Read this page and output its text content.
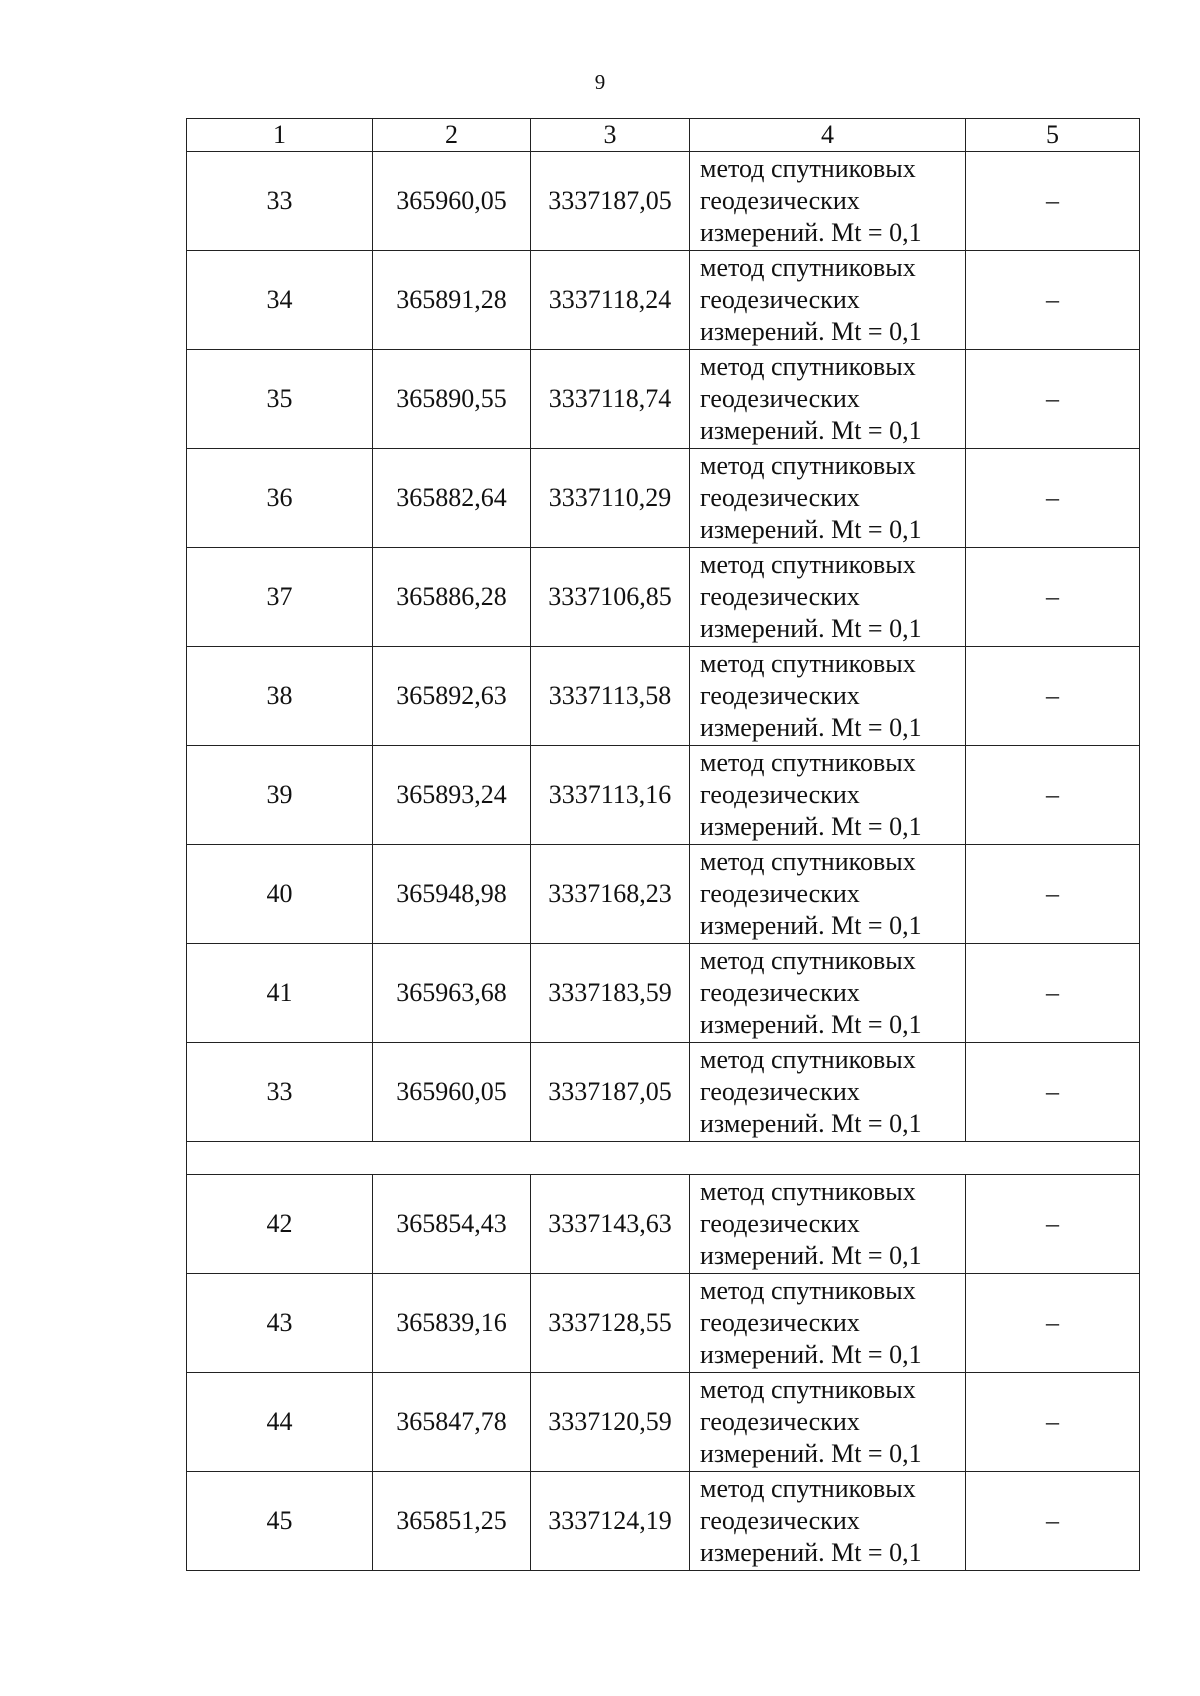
9
1	2	3	4	5
33	365960,05	3337187,05	метод спутниковых
геодезических
измерений. Mt = 0,1	–
34	365891,28	3337118,24	метод спутниковых
геодезических
измерений. Mt = 0,1	–
35	365890,55	3337118,74	метод спутниковых
геодезических
измерений. Mt = 0,1	–
36	365882,64	3337110,29	метод спутниковых
геодезических
измерений. Mt = 0,1	–
37	365886,28	3337106,85	метод спутниковых
геодезических
измерений. Mt = 0,1	–
38	365892,63	3337113,58	метод спутниковых
геодезических
измерений. Mt = 0,1	–
39	365893,24	3337113,16	метод спутниковых
геодезических
измерений. Mt = 0,1	–
40	365948,98	3337168,23	метод спутниковых
геодезических
измерений. Mt = 0,1	–
41	365963,68	3337183,59	метод спутниковых
геодезических
измерений. Mt = 0,1	–
33	365960,05	3337187,05	метод спутниковых
геодезических
измерений. Mt = 0,1	–

42	365854,43	3337143,63	метод спутниковых
геодезических
измерений. Mt = 0,1	–
43	365839,16	3337128,55	метод спутниковых
геодезических
измерений. Mt = 0,1	–
44	365847,78	3337120,59	метод спутниковых
геодезических
измерений. Mt = 0,1	–
45	365851,25	3337124,19	метод спутниковых
геодезических
измерений. Mt = 0,1	–
